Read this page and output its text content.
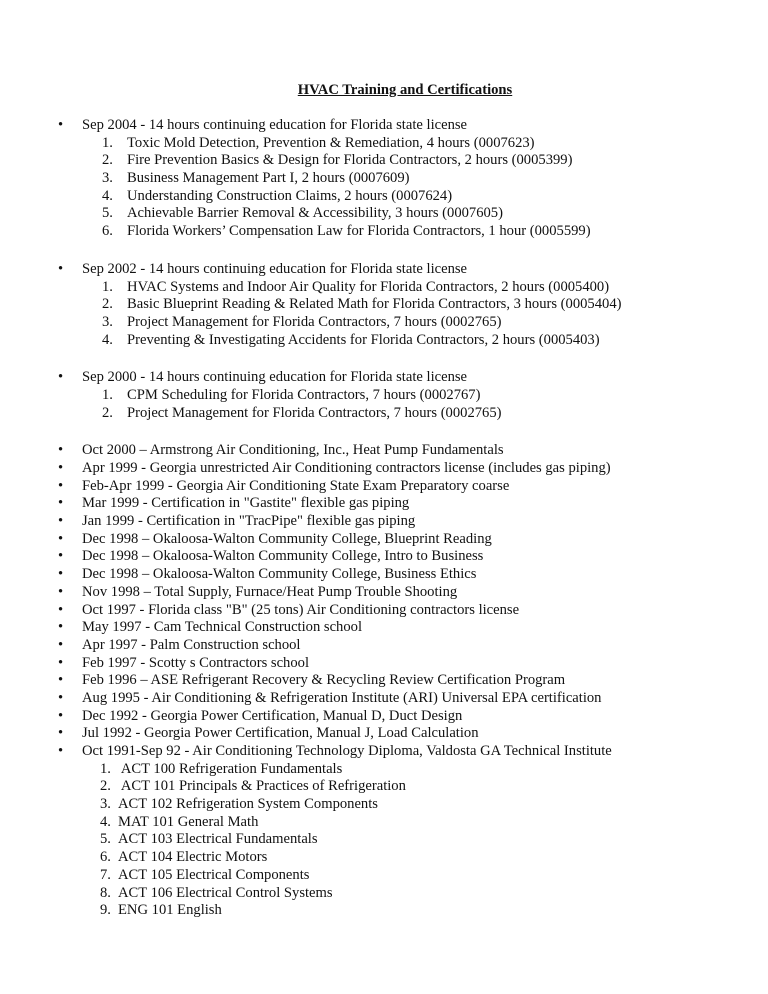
HVAC Training and Certifications
• Sep 2004 - 14 hours continuing education for Florida state license
1. Toxic Mold Detection, Prevention & Remediation, 4 hours (0007623)
2. Fire Prevention Basics & Design for Florida Contractors, 2 hours (0005399)
3. Business Management Part I, 2 hours (0007609)
4. Understanding Construction Claims, 2 hours (0007624)
5. Achievable Barrier Removal & Accessibility, 3 hours (0007605)
6. Florida Workers’ Compensation Law for Florida Contractors, 1 hour (0005599)
• Sep 2002 - 14 hours continuing education for Florida state license
1. HVAC Systems and Indoor Air Quality for Florida Contractors, 2 hours (0005400)
2. Basic Blueprint Reading & Related Math for Florida Contractors, 3 hours (0005404)
3. Project Management for Florida Contractors, 7 hours (0002765)
4. Preventing & Investigating Accidents for Florida Contractors, 2 hours (0005403)
• Sep 2000 - 14 hours continuing education for Florida state license
1. CPM Scheduling for Florida Contractors, 7 hours (0002767)
2. Project Management for Florida Contractors, 7 hours (0002765)
• Oct 2000 – Armstrong Air Conditioning, Inc., Heat Pump Fundamentals
• Apr 1999 - Georgia unrestricted Air Conditioning contractors license (includes gas piping)
• Feb-Apr 1999 - Georgia Air Conditioning State Exam Preparatory coarse
• Mar 1999 - Certification in "Gastite" flexible gas piping
• Jan 1999 - Certification in "TracPipe" flexible gas piping
• Dec 1998 – Okaloosa-Walton Community College, Blueprint Reading
• Dec 1998 – Okaloosa-Walton Community College, Intro to Business
• Dec 1998 – Okaloosa-Walton Community College, Business Ethics
• Nov 1998 – Total Supply, Furnace/Heat Pump Trouble Shooting
• Oct 1997 - Florida class "B" (25 tons) Air Conditioning contractors license
• May 1997 - Cam Technical Construction school
• Apr 1997 - Palm Construction school
• Feb 1997 - Scotty s Contractors school
• Feb 1996 – ASE Refrigerant Recovery & Recycling Review Certification Program
• Aug 1995 - Air Conditioning & Refrigeration Institute (ARI) Universal EPA certification
• Dec 1992 - Georgia Power Certification, Manual D, Duct Design
• Jul 1992 - Georgia Power Certification, Manual J, Load Calculation
• Oct 1991-Sep 92 - Air Conditioning Technology Diploma, Valdosta GA Technical Institute
1. ACT 100 Refrigeration Fundamentals
2. ACT 101 Principals & Practices of Refrigeration
3. ACT 102 Refrigeration System Components
4. MAT 101 General Math
5. ACT 103 Electrical Fundamentals
6. ACT 104 Electric Motors
7. ACT 105 Electrical Components
8. ACT 106 Electrical Control Systems
9. ENG 101 English
